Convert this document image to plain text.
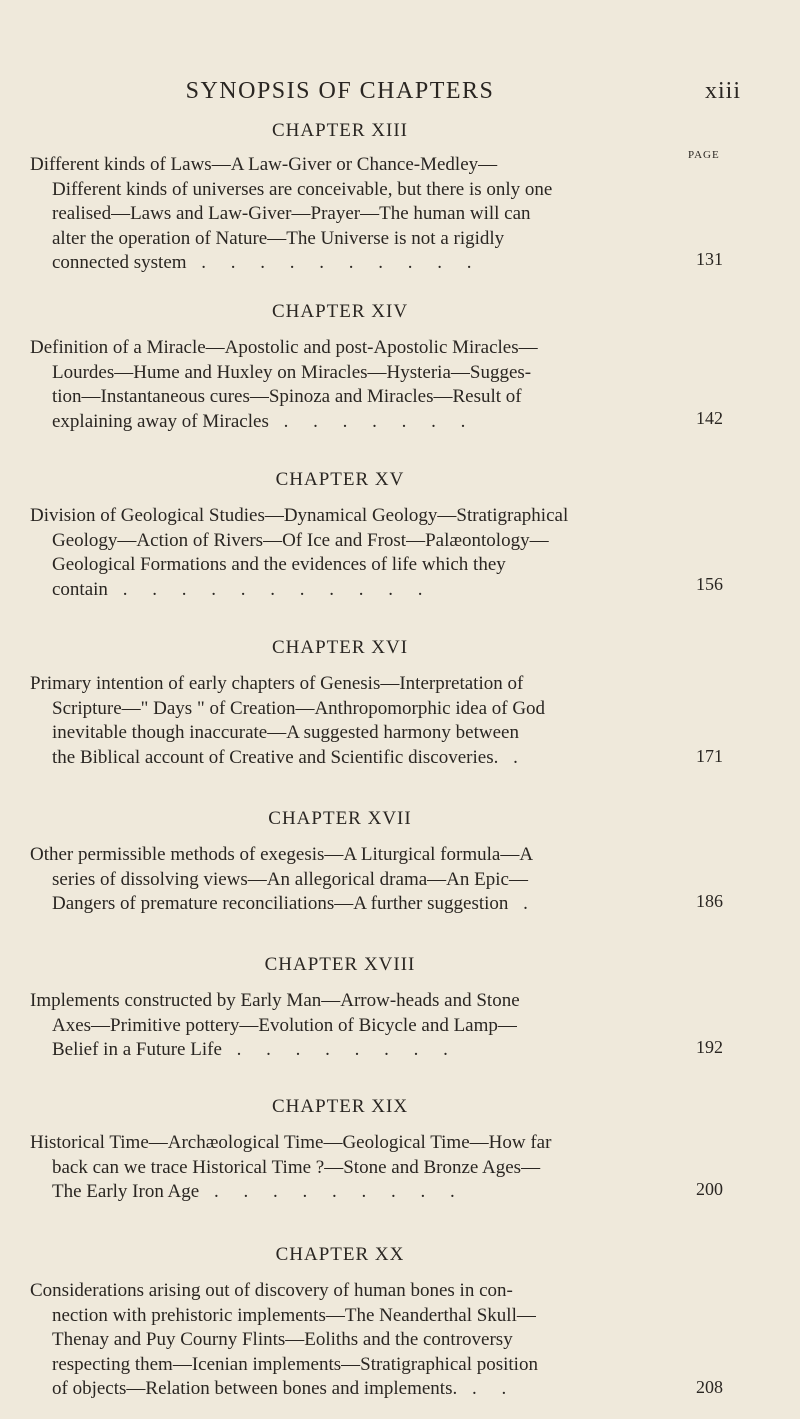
SYNOPSIS OF CHAPTERS	xiii
CHAPTER XIII
PAGE
Different kinds of Laws—A Law-Giver or Chance-Medley—
Different kinds of universes are conceivable, but there is only one
realised—Laws and Law-Giver—Prayer—The human will can
alter the operation of Nature—The Universe is not a rigidly
connected system . . . . . . . . . .	131
CHAPTER XIV
Definition of a Miracle—Apostolic and post-Apostolic Miracles—
Lourdes—Hume and Huxley on Miracles—Hysteria—Sugges-
tion—Instantaneous cures—Spinoza and Miracles—Result of
explaining away of Miracles . . . . . . .	142
CHAPTER XV
Division of Geological Studies—Dynamical Geology—Stratigraphical
Geology—Action of Rivers—Of Ice and Frost—Palæontology—
Geological Formations and the evidences of life which they
contain . . . . . . . . . . .	156
CHAPTER XVI
Primary intention of early chapters of Genesis—Interpretation of
Scripture—" Days " of Creation—Anthropomorphic idea of God
inevitable though inaccurate—A suggested harmony between
the Biblical account of Creative and Scientific discoveries. .	171
CHAPTER XVII
Other permissible methods of exegesis—A Liturgical formula—A
series of dissolving views—An allegorical drama—An Epic—
Dangers of premature reconciliations—A further suggestion .	186
CHAPTER XVIII
Implements constructed by Early Man—Arrow-heads and Stone
Axes—Primitive pottery—Evolution of Bicycle and Lamp—
Belief in a Future Life . . . . . . . .	192
CHAPTER XIX
Historical Time—Archæological Time—Geological Time—How far
back can we trace Historical Time ?—Stone and Bronze Ages—
The Early Iron Age . . . . . . . . .	200
CHAPTER XX
Considerations arising out of discovery of human bones in con-
nection with prehistoric implements—The Neanderthal Skull—
Thenay and Puy Courny Flints—Eoliths and the controversy
respecting them—Icenian implements—Stratigraphical position
of objects—Relation between bones and implements. . .	208
